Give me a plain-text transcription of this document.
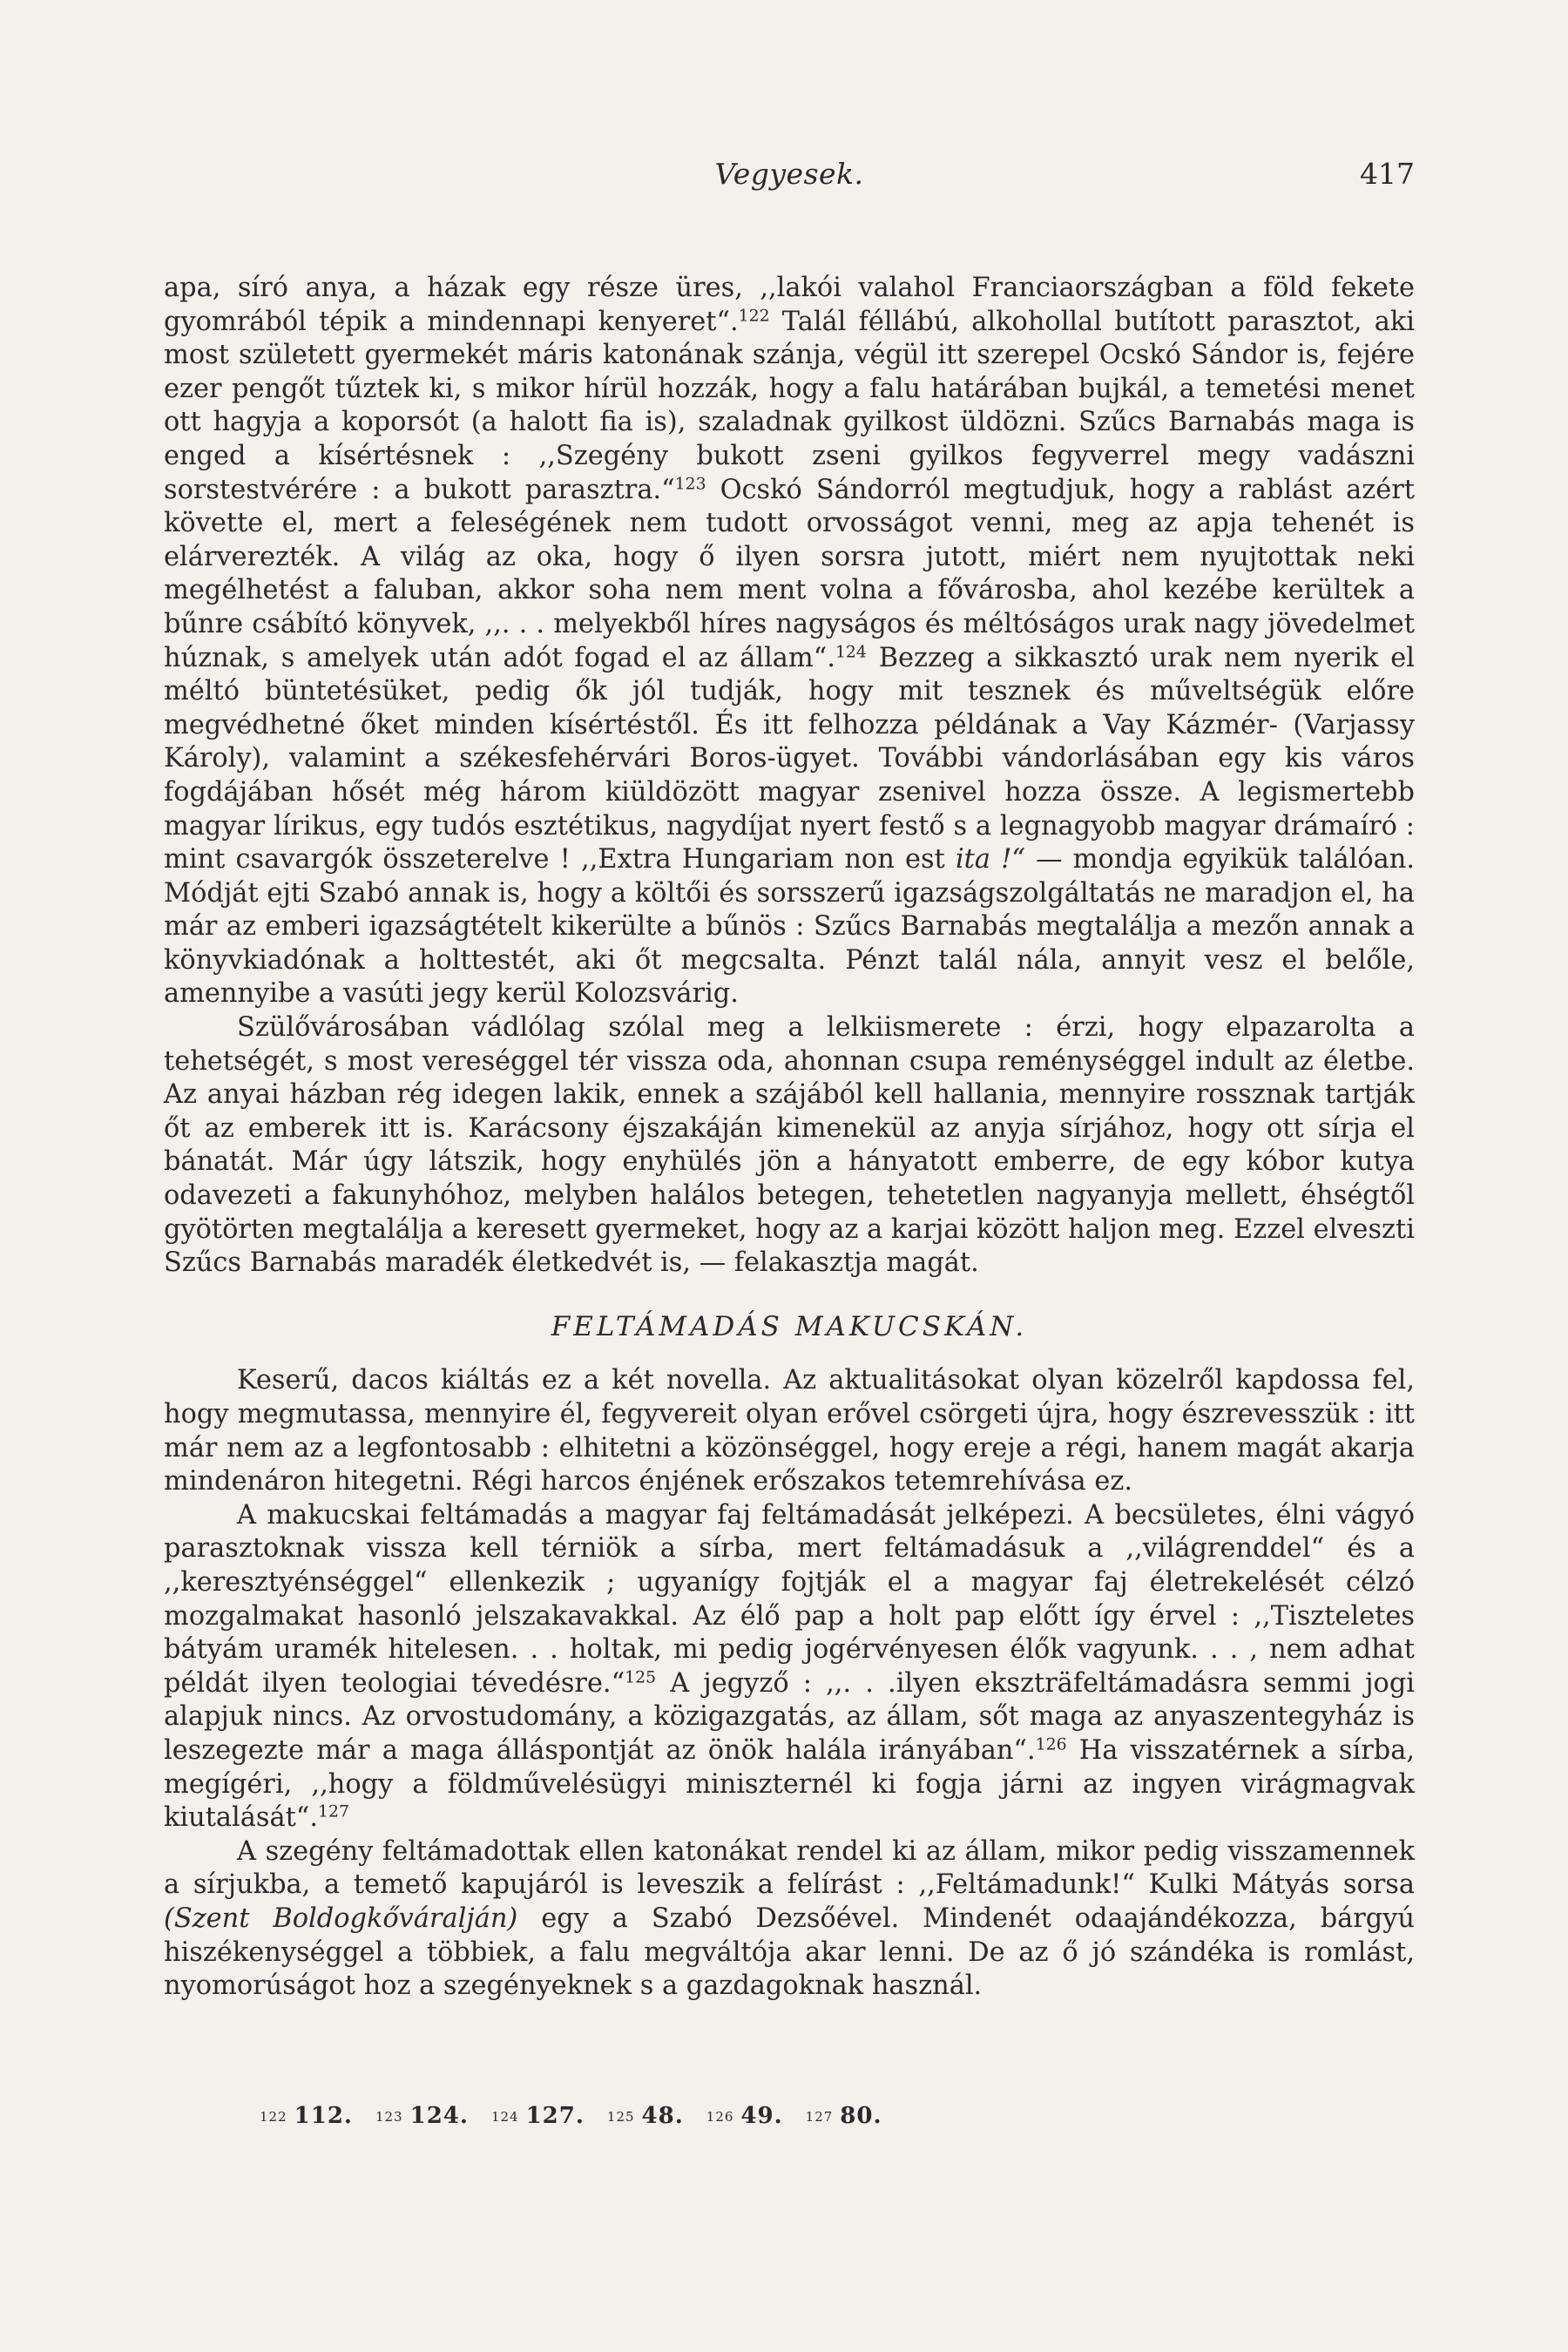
Vegyesek.	417

apa, síró anya, a házak egy része üres, ,,lakói valahol Franciaországban a föld fekete gyomrából tépik a mindennapi kenyeret“.$^{122}$ Talál féllábú, alkohollal butított parasztot, aki most született gyermekét máris katonának szánja, végül itt szerepel Ocskó Sándor is, fejére ezer pengőt tűztek ki, s mikor hírül hozzák, hogy a falu határában bujkál, a temetési menet ott hagyja a koporsót (a halott fia is), szaladnak gyilkost üldözni. Szűcs Barnabás maga is enged a kísértésnek : ,,Szegény bukott zseni gyilkos fegyverrel megy vadászni sorstestvérére : a bukott parasztra.“$^{123}$ Ocskó Sándorról megtudjuk, hogy a rablást azért követte el, mert a feleségének nem tudott orvosságot venni, meg az apja tehenét is elárverezték. A világ az oka, hogy ő ilyen sorsra jutott, miért nem nyujtottak neki megélhetést a faluban, akkor soha nem ment volna a fővárosba, ahol kezébe kerültek a bűnre csábító könyvek, ,,. . . melyekből híres nagyságos és méltóságos urak nagy jövedelmet húznak, s amelyek után adót fogad el az állam“.$^{124}$ Bezzeg a sikkasztó urak nem nyerik el méltó büntetésüket, pedig ők jól tudják, hogy mit tesznek és műveltségük előre megvédhetné őket minden kísértéstől. És itt felhozza példának a Vay Kázmér- (Varjassy Károly), valamint a székesfehérvári Boros-ügyet. További vándorlásában egy kis város fogdájában hősét még három kiüldözött magyar zsenivel hozza össze. A legismertebb magyar lírikus, egy tudós esztétikus, nagydíjat nyert festő s a legnagyobb magyar drámaíró : mint csavargók összeterelve ! ,,Extra Hungariam non est ita !“ — mondja egyikük találóan. Módját ejti Szabó annak is, hogy a költői és sorsszerű igazságszolgáltatás ne maradjon el, ha már az emberi igazságtételt kikerülte a bűnös : Szűcs Barnabás megtalálja a mezőn annak a könyvkiadónak a holttestét, aki őt megcsalta. Pénzt talál nála, annyit vesz el belőle, amennyibe a vasúti jegy kerül Kolozsvárig.

Szülővárosában vádlólag szólal meg a lelkiismerete : érzi, hogy elpazarolta a tehetségét, s most vereséggel tér vissza oda, ahonnan csupa reménységgel indult az életbe. Az anyai házban rég idegen lakik, ennek a szájából kell hallania, mennyire rossznak tartják őt az emberek itt is. Karácsony éjszakáján kimenekül az anyja sírjához, hogy ott sírja el bánatát. Már úgy látszik, hogy enyhülés jön a hányatott emberre, de egy kóbor kutya odavezeti a fakunyhóhoz, melyben halálos betegen, tehetetlen nagyanyja mellett, éhségtől gyötörten megtalálja a keresett gyermeket, hogy az a karjai között haljon meg. Ezzel elveszti Szűcs Barnabás maradék életkedvét is, — felakasztja magát.

FELTÁMADÁS MAKUCSKÁN.

Keserű, dacos kiáltás ez a két novella. Az aktualitásokat olyan közelről kapdossa fel, hogy megmutassa, mennyire él, fegyvereit olyan erővel csörgeti újra, hogy észrevesszük : itt már nem az a legfontosabb : elhitetni a közönséggel, hogy ereje a régi, hanem magát akarja mindenáron hitegetni. Régi harcos énjének erőszakos tetemrehívása ez.

A makucskai feltámadás a magyar faj feltámadását jelképezi. A becsületes, élni vágyó parasztoknak vissza kell térniök a sírba, mert feltámadásuk a ,,világrenddel“ és a ,,keresztyénséggel“ ellenkezik ; ugyanígy fojtják el a magyar faj életrekelését célzó mozgalmakat hasonló jelszakavakkal. Az élő pap a holt pap előtt így érvel : ,,Tiszteletes bátyám uramék hitelesen. . . holtak, mi pedig jogérvényesen élők vagyunk. . . , nem adhat példát ilyen teologiai tévedésre.“$^{125}$ A jegyző : ,,. . .ilyen ekszträfeltámadásra semmi jogi alapjuk nincs. Az orvostudomány, a közigazgatás, az állam, sőt maga az anyaszentegyház is leszegezte már a maga álláspontját az önök halála irányában“.$^{126}$ Ha visszatérnek a sírba, megígéri, ,,hogy a földművelésügyi miniszternél ki fogja járni az ingyen virágmagvak kiutalását“.$^{127}$

A szegény feltámadottak ellen katonákat rendel ki az állam, mikor pedig visszamennek a sírjukba, a temető kapujáról is leveszik a felírást : ,,Feltámadunk!“ Kulki Mátyás sorsa (Szent Boldogkőváralján) egy a Szabó Dezsőével. Mindenét odaajándékozza, bárgyú hiszékenységgel a többiek, a falu megváltója akar lenni. De az ő jó szándéka is romlást, nyomorúságot hoz a szegényeknek s a gazdagoknak használ.

122 112. 123 124. 124 127. 125 48. 126 49. 127 80.
